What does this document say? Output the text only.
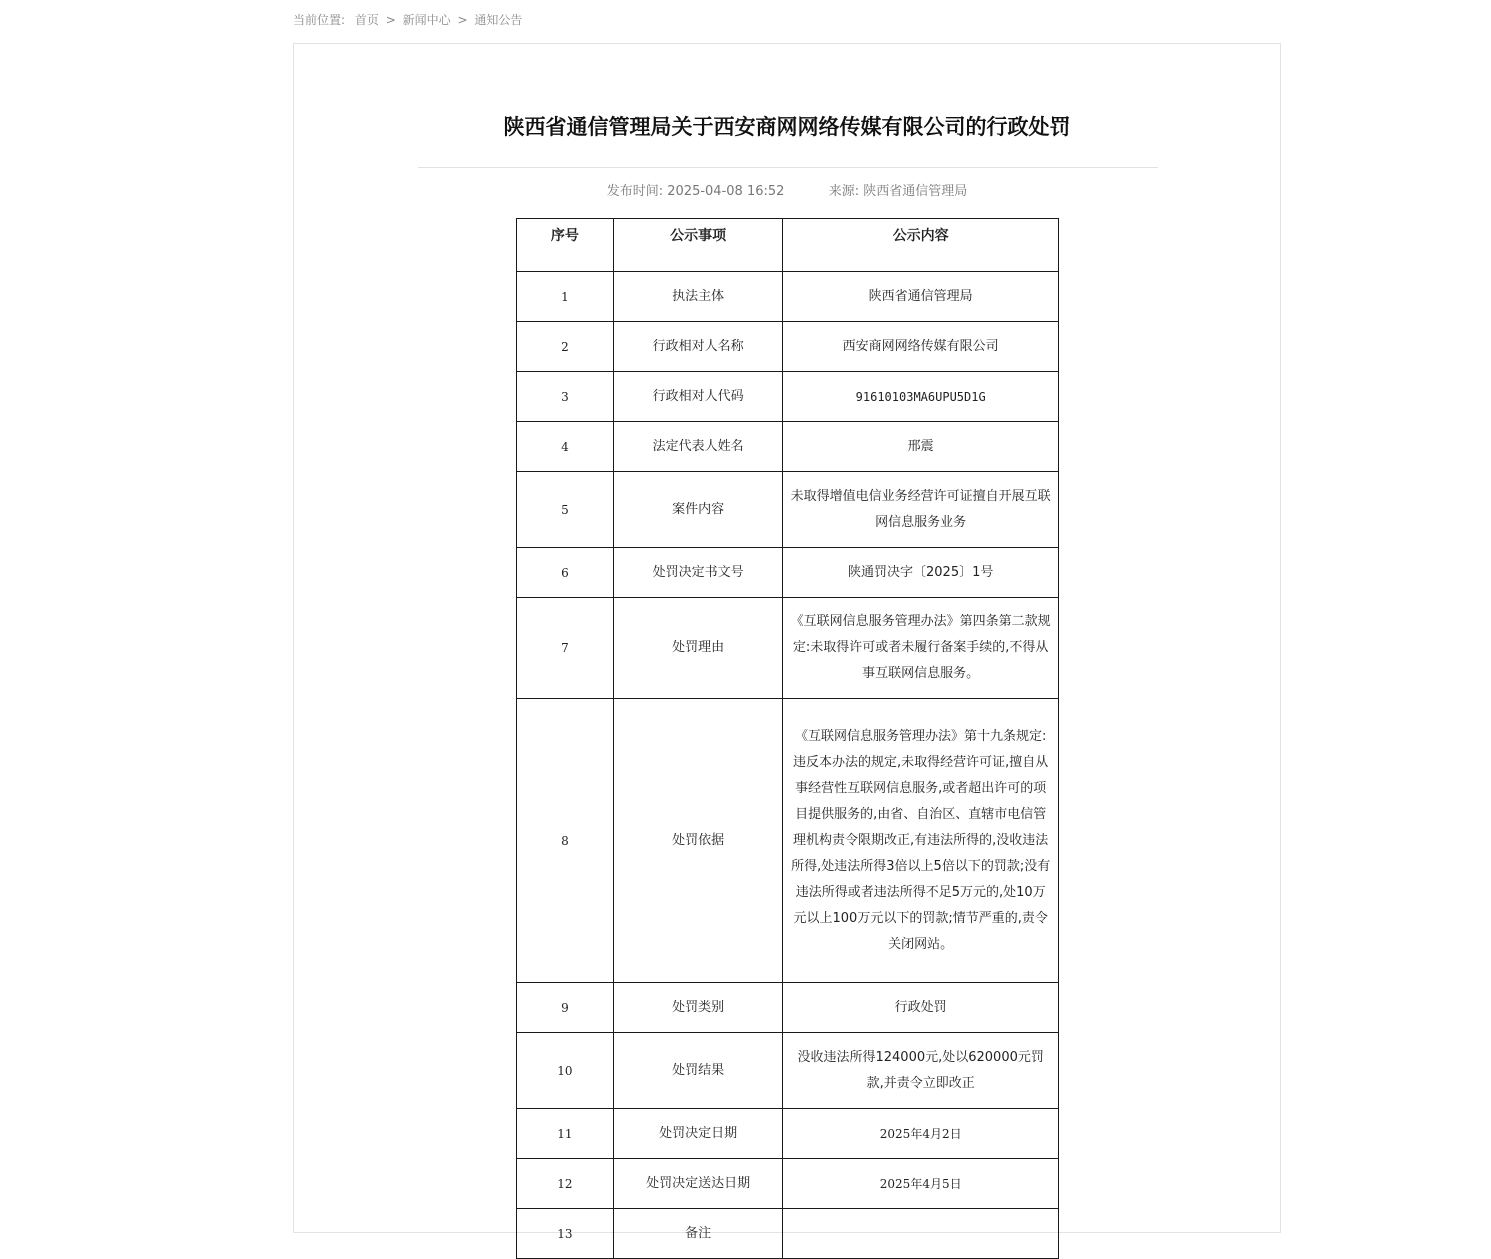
当前位置: 首页 > 新闻中心 > 通知公告
陕西省通信管理局关于西安商网网络传媒有限公司的行政处罚
发布时间: 2025-04-08 16:52	来源: 陕西省通信管理局
序号	公示事项	公示内容
1	执法主体	陕西省通信管理局
2	行政相对人名称	西安商网网络传媒有限公司
3	行政相对人代码	91610103MA6UPU5D1G
4	法定代表人姓名	邢震
5	案件内容	未取得增值电信业务经营许可证擅自开展互联网信息服务业务
6	处罚决定书文号	陕通罚决字〔2025〕1号
7	处罚理由	《互联网信息服务管理办法》第四条第二款规定:未取得许可或者未履行备案手续的,不得从事互联网信息服务。
8	处罚依据	《互联网信息服务管理办法》第十九条规定:违反本办法的规定,未取得经营许可证,擅自从事经营性互联网信息服务,或者超出许可的项目提供服务的,由省、自治区、直辖市电信管理机构责令限期改正,有违法所得的,没收违法所得,处违法所得3倍以上5倍以下的罚款;没有违法所得或者违法所得不足5万元的,处10万元以上100万元以下的罚款;情节严重的,责令关闭网站。
9	处罚类别	行政处罚
10	处罚结果	没收违法所得124000元,处以620000元罚款,并责令立即改正
11	处罚决定日期	2025年4月2日
12	处罚决定送达日期	2025年4月5日
13	备注	
